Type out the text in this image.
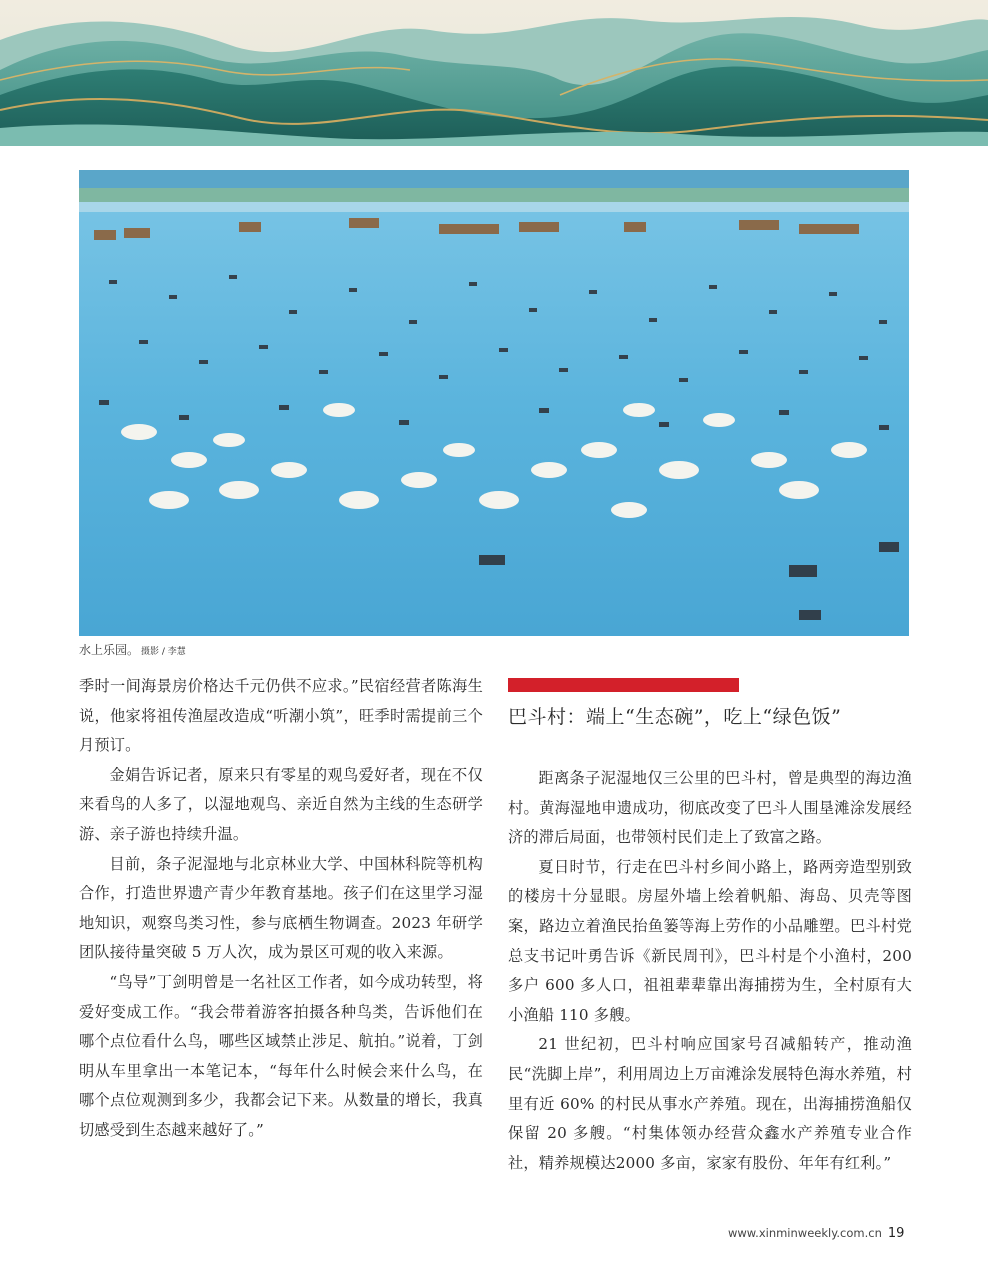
水上乐园。 摄影 / 李慧

季时一间海景房价格达千元仍供不应求。”民宿经营者陈海生说，他家将祖传渔屋改造成“听潮小筑”，旺季时需提前三个月预订。

金娟告诉记者，原来只有零星的观鸟爱好者，现在不仅来看鸟的人多了，以湿地观鸟、亲近自然为主线的生态研学游、亲子游也持续升温。

目前，条子泥湿地与北京林业大学、中国林科院等机构合作，打造世界遗产青少年教育基地。孩子们在这里学习湿地知识，观察鸟类习性，参与底栖生物调查。2023 年研学团队接待量突破 5 万人次，成为景区可观的收入来源。

“鸟导”丁剑明曾是一名社区工作者，如今成功转型，将爱好变成工作。“我会带着游客拍摄各种鸟类，告诉他们在哪个点位看什么鸟，哪些区域禁止涉足、航拍。”说着，丁剑明从车里拿出一本笔记本，“每年什么时候会来什么鸟，在哪个点位观测到多少，我都会记下来。从数量的增长，我真切感受到生态越来越好了。”

巴斗村：端上“生态碗”，吃上“绿色饭”

距离条子泥湿地仅三公里的巴斗村，曾是典型的海边渔村。黄海湿地申遗成功，彻底改变了巴斗人围垦滩涂发展经济的滞后局面，也带领村民们走上了致富之路。

夏日时节，行走在巴斗村乡间小路上，路两旁造型别致的楼房十分显眼。房屋外墙上绘着帆船、海岛、贝壳等图案，路边立着渔民抬鱼篓等海上劳作的小品雕塑。巴斗村党总支书记叶勇告诉《新民周刊》，巴斗村是个小渔村，200 多户 600 多人口，祖祖辈辈靠出海捕捞为生，全村原有大小渔船 110 多艘。

21 世纪初，巴斗村响应国家号召减船转产，推动渔民“洗脚上岸”，利用周边上万亩滩涂发展特色海水养殖，村里有近 60% 的村民从事水产养殖。现在，出海捕捞渔船仅保留 20 多艘。“村集体领办经营众鑫水产养殖专业合作社，精养规模达2000 多亩，家家有股份、年年有红利。”

www.xinminweekly.com.cn 19
